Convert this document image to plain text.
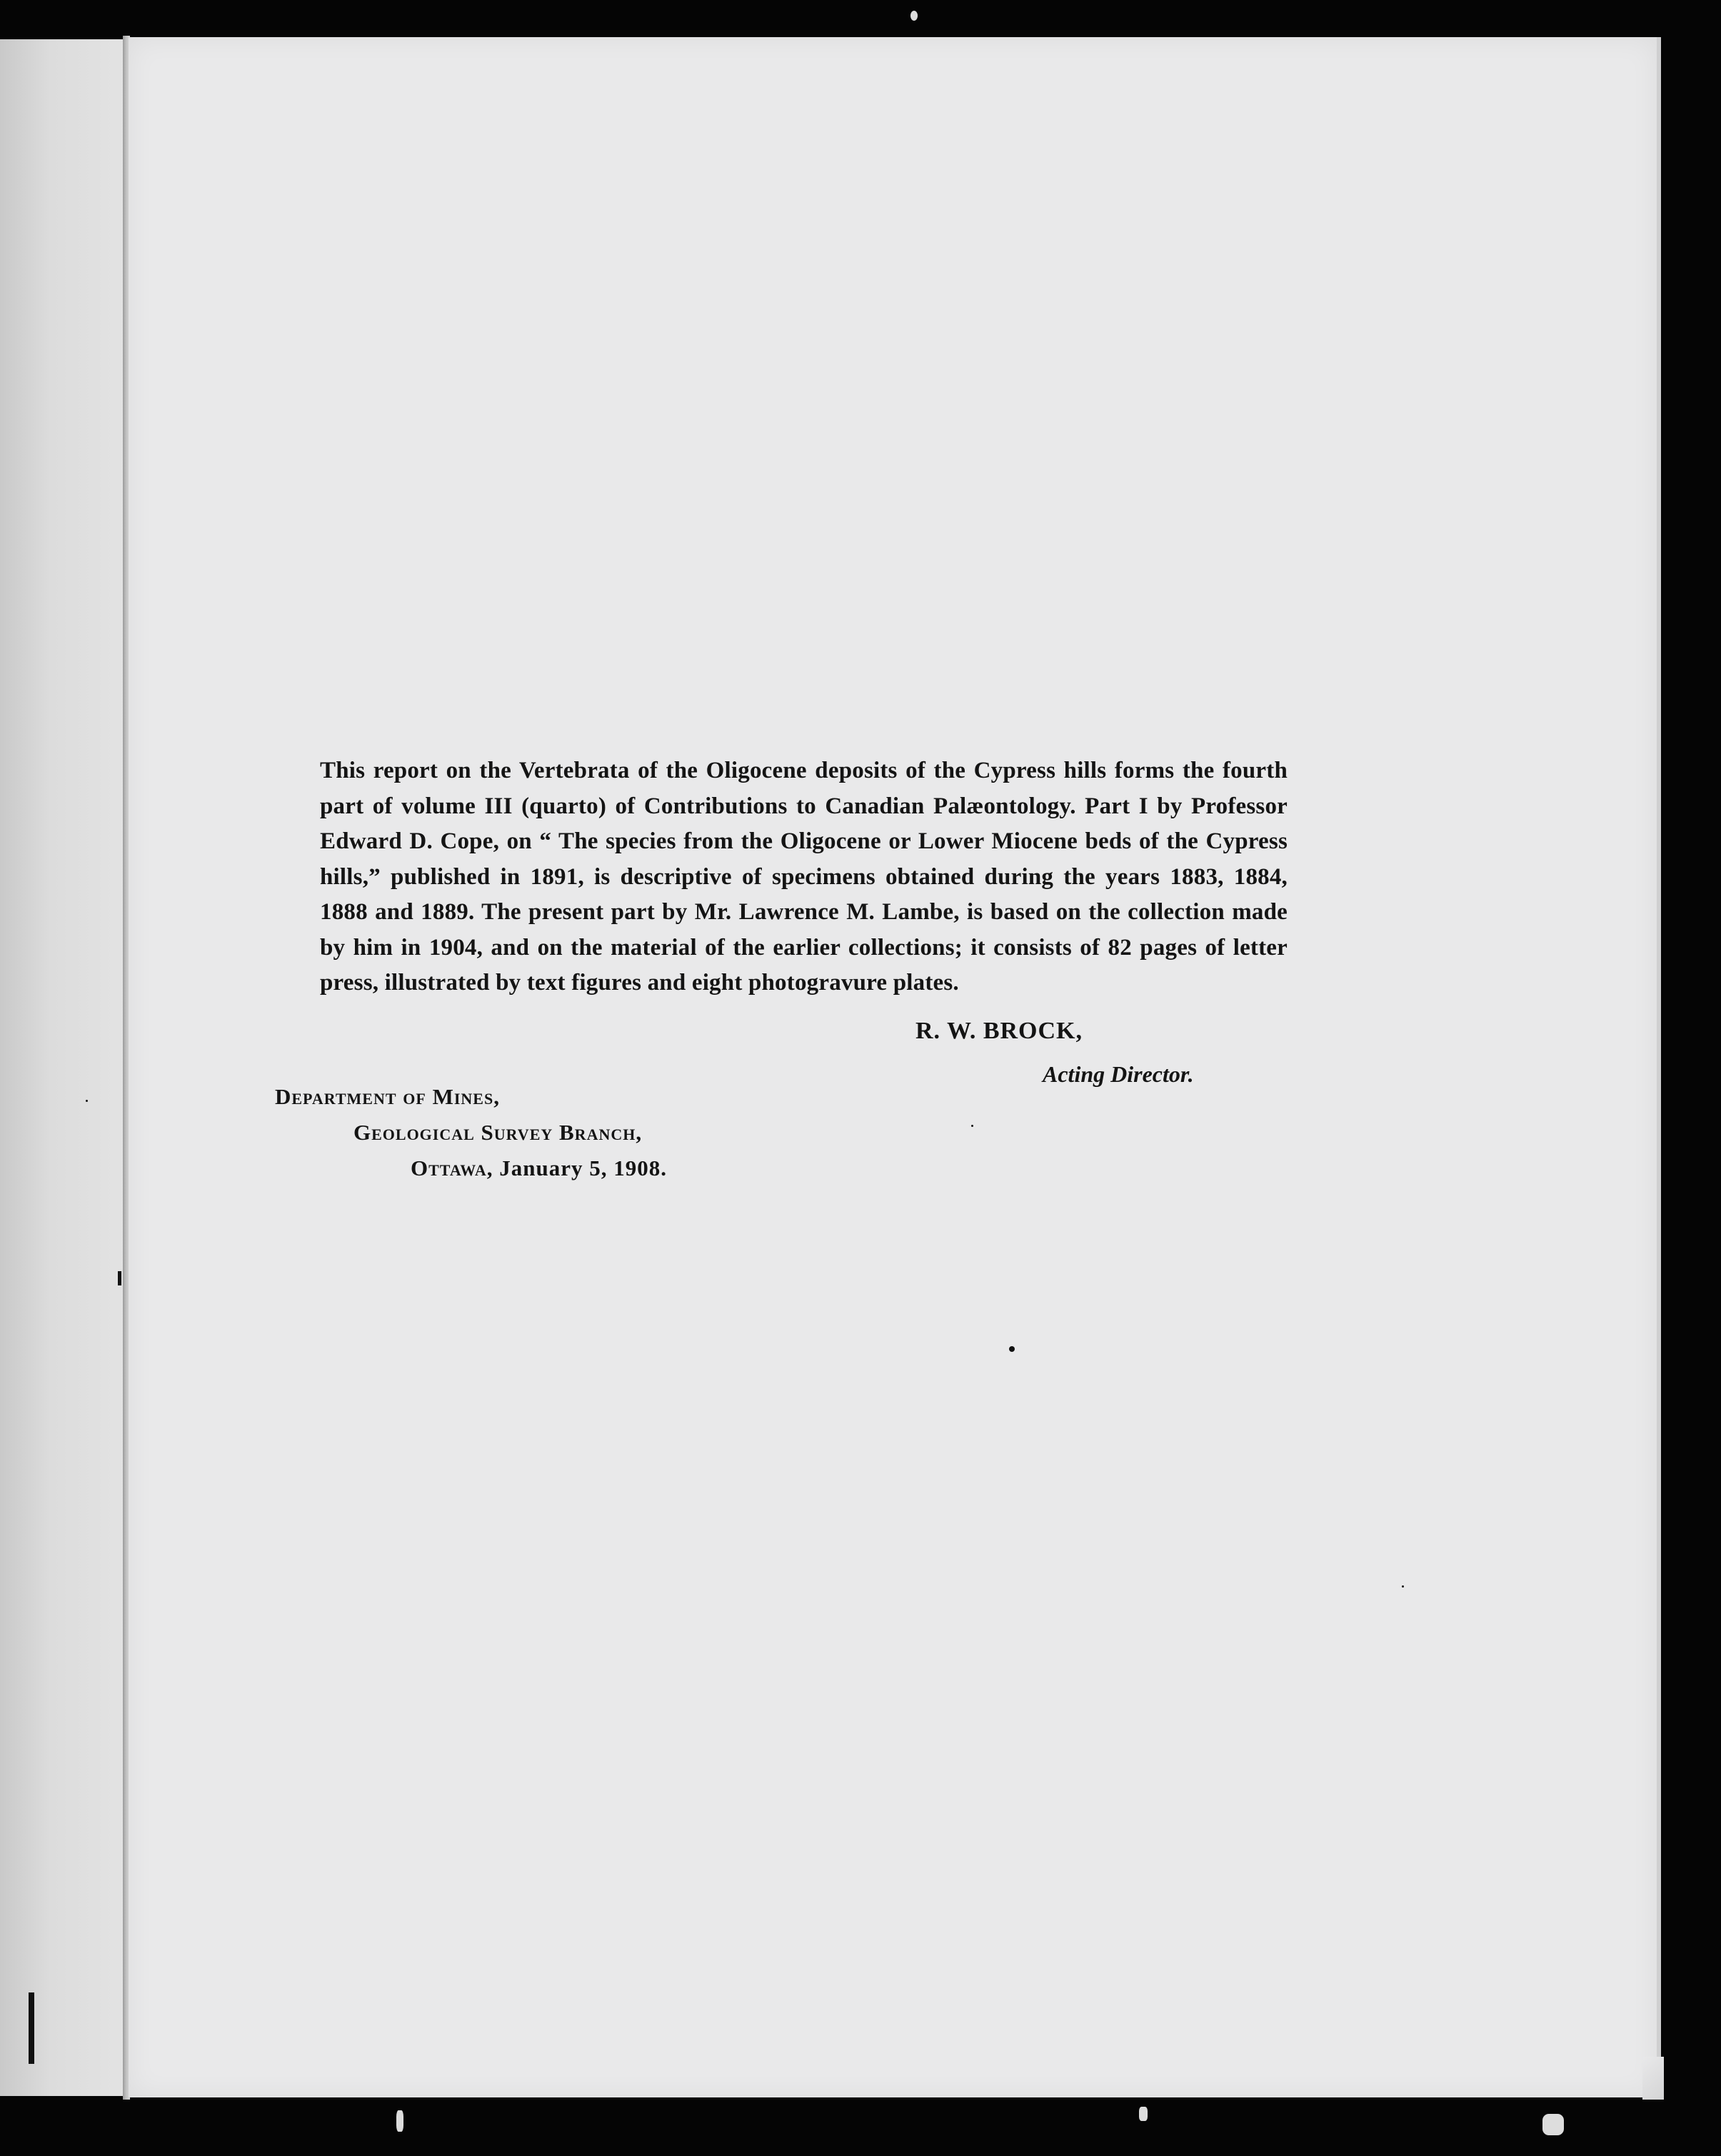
This report on the Vertebrata of the Oligocene deposits of the Cypress hills forms the fourth part of volume III (quarto) of Contributions to Canadian Palæontology. Part I by Professor Edward D. Cope, on “ The species from the Oligocene or Lower Miocene beds of the Cypress hills,” published in 1891, is descriptive of specimens obtained during the years 1883, 1884, 1888 and 1889. The present part by Mr. Lawrence M. Lambe, is based on the collection made by him in 1904, and on the material of the earlier collections; it consists of 82 pages of letter press, illustrated by text figures and eight photogravure plates.

R. W. BROCK,
Acting Director.
Department of Mines,
Geological Survey Branch,
Ottawa, January 5, 1908.
